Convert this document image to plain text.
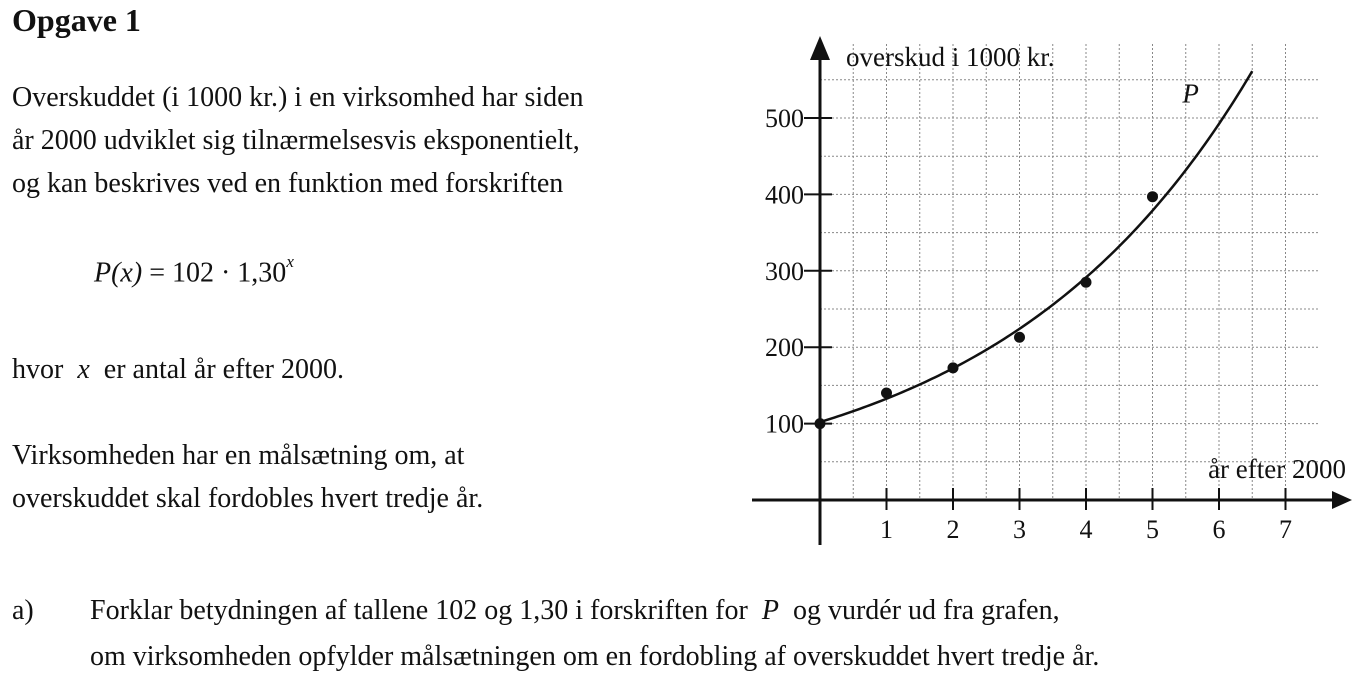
Opgave 1
Overskuddet (i 1000 kr.) i en virksomhed har siden
år 2000 udviklet sig tilnærmelsesvis eksponentielt,
og kan beskrives ved en funktion med forskriften
$P(x) = 102 \cdot 1,30^x$
hvor x er antal år efter 2000.
Virksomheden har en målsætning om, at
overskuddet skal fordobles hvert tredje år.
a) Forklar betydningen af tallene 102 og 1,30 i forskriften for P og vurdér ud fra grafen,
om virksomheden opfylder målsætningen om en fordobling af overskuddet hvert tredje år.
1 2 3 4 5 6 7
100
200
300
400
500
overskud i 1000 kr.
år efter 2000
P
